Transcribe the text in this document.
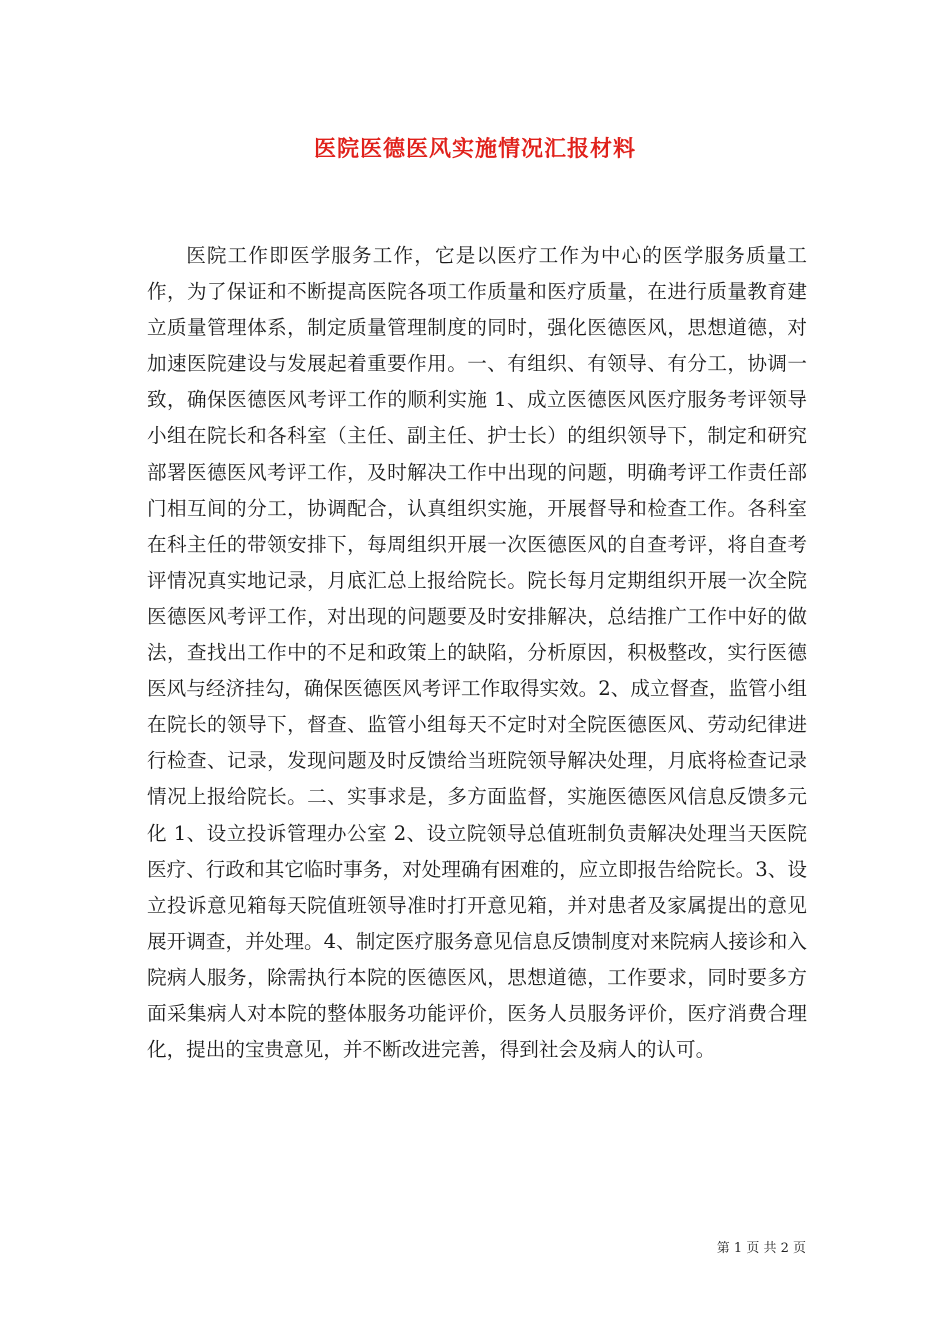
医院医德医风实施情况汇报材料

医院工作即医学服务工作，它是以医疗工作为中心的医学服务质量工作，为了保证和不断提高医院各项工作质量和医疗质量，在进行质量教育建立质量管理体系，制定质量管理制度的同时，强化医德医风，思想道德，对加速医院建设与发展起着重要作用。一、有组织、有领导、有分工，协调一致，确保医德医风考评工作的顺利实施 1、成立医德医风医疗服务考评领导小组在院长和各科室（主任、副主任、护士长）的组织领导下，制定和研究部署医德医风考评工作，及时解决工作中出现的问题，明确考评工作责任部门相互间的分工，协调配合，认真组织实施，开展督导和检查工作。各科室在科主任的带领安排下，每周组织开展一次医德医风的自查考评，将自查考评情况真实地记录，月底汇总上报给院长。院长每月定期组织开展一次全院医德医风考评工作，对出现的问题要及时安排解决，总结推广工作中好的做法，查找出工作中的不足和政策上的缺陷，分析原因，积极整改，实行医德医风与经济挂勾，确保医德医风考评工作取得实效。2、成立督查，监管小组在院长的领导下，督查、监管小组每天不定时对全院医德医风、劳动纪律进行检查、记录，发现问题及时反馈给当班院领导解决处理，月底将检查记录情况上报给院长。二、实事求是，多方面监督，实施医德医风信息反馈多元化 1、设立投诉管理办公室 2、设立院领导总值班制负责解决处理当天医院医疗、行政和其它临时事务，对处理确有困难的，应立即报告给院长。3、设立投诉意见箱每天院值班领导准时打开意见箱，并对患者及家属提出的意见展开调查，并处理。4、制定医疗服务意见信息反馈制度对来院病人接诊和入院病人服务，除需执行本院的医德医风，思想道德，工作要求，同时要多方面采集病人对本院的整体服务功能评价，医务人员服务评价，医疗消费合理化，提出的宝贵意见，并不断改进完善，得到社会及病人的认可。

第 1 页 共 2 页
